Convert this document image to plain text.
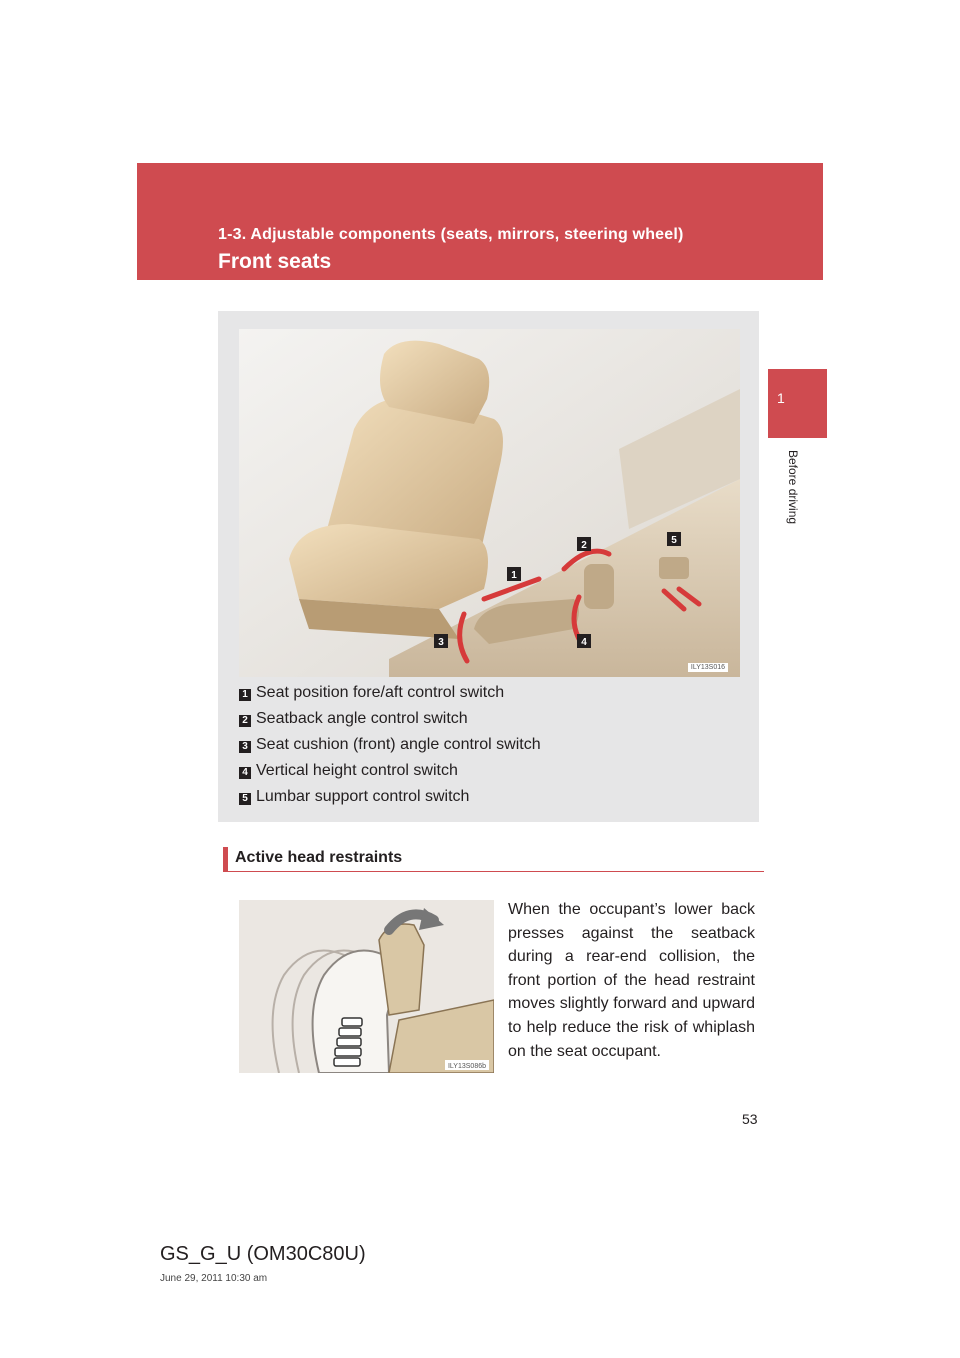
1-3. Adjustable components (seats, mirrors, steering wheel)
Front seats
1
Before driving
1
2
3	4
5
ILY13S016
1 Seat position fore/aft control switch
2 Seatback angle control switch
3 Seat cushion (front) angle control switch
4 Vertical height control switch
5 Lumbar support control switch
Active head restraints
ILY13S086b
When the occupant’s lower back presses against the seatback during a rear-end collision, the front portion of the head restraint moves slightly forward and upward to help reduce the risk of whiplash on the seat occupant.
53
GS_G_U (OM30C80U)
June 29, 2011 10:30 am
